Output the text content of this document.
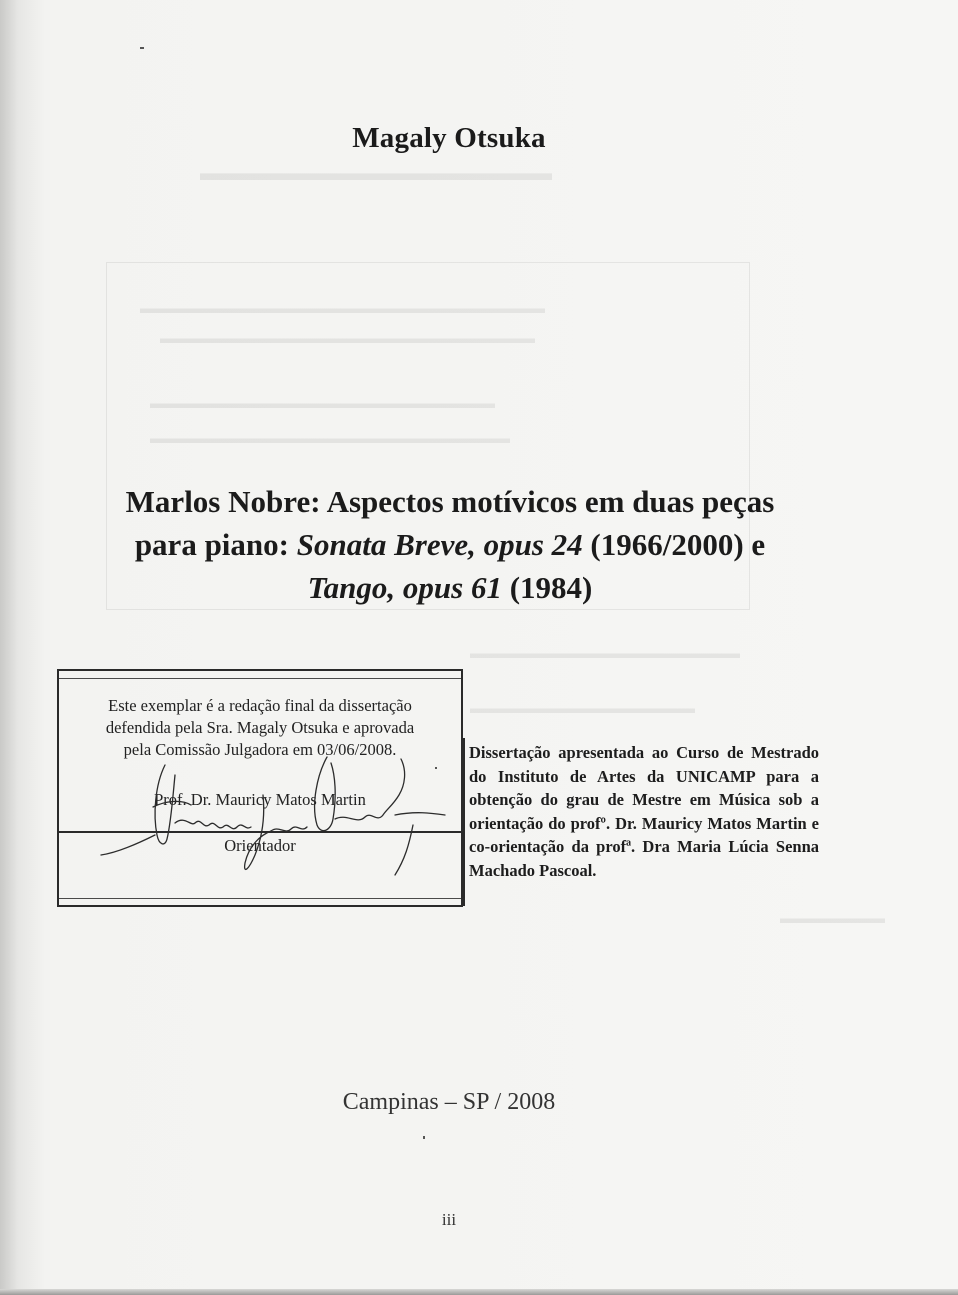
▬▬▬▬▬▬▬▬▬▬▬▬▬▬▬▬
▬▬▬▬▬▬▬▬▬▬▬▬▬▬▬▬▬▬▬▬▬▬▬▬▬▬▬
▬▬▬▬▬▬▬▬▬▬▬▬▬▬▬▬▬▬▬▬▬▬▬▬▬
▬▬▬▬▬▬▬▬▬▬▬▬▬▬▬▬▬▬▬▬▬▬▬
▬▬▬▬▬▬▬▬▬▬▬▬▬▬▬▬▬▬▬▬▬▬▬▬
▬▬▬▬▬▬▬▬▬▬▬▬▬▬▬▬▬▬
▬▬▬▬▬▬▬▬▬▬▬▬▬▬▬
▬▬▬▬▬▬▬
Magaly Otsuka
Marlos Nobre: Aspectos motívicos em duas peças
para piano: Sonata Breve, opus 24 (1966/2000) e
Tango, opus 61 (1984)
Este exemplar é a redação final da dissertação
defendida pela Sra. Magaly Otsuka e aprovada
pela Comissão Julgadora em 03/06/2008.
Prof. Dr. Mauricy Matos Martin
Orientador
Dissertação apresentada ao Curso de Mestrado do Instituto de Artes da UNICAMP para a obtenção do grau de Mestre em Música sob a orientação do profº. Dr. Mauricy Matos Martin e co-orientação da profª. Dra Maria Lúcia Senna Machado Pascoal.
Campinas – SP / 2008
iii
